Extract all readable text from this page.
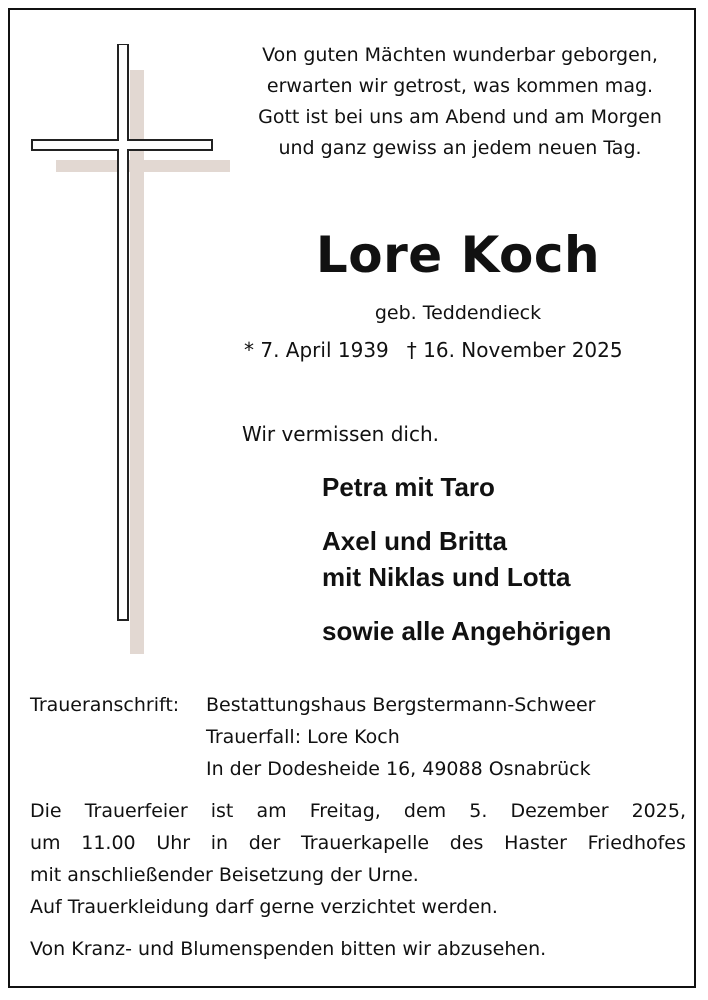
Von guten Mächten wunderbar geborgen,
erwarten wir getrost, was kommen mag.
Gott ist bei uns am Abend und am Morgen
und ganz gewiss an jedem neuen Tag.
Lore Koch
geb. Teddendieck
* 7. April 1939 † 16. November 2025
Wir vermissen dich.
Petra mit Taro
Axel und Britta
mit Niklas und Lotta
sowie alle Angehörigen
Traueranschrift: Bestattungshaus Bergstermann-Schweer
Trauerfall: Lore Koch
In der Dodesheide 16, 49088 Osnabrück
Die Trauerfeier ist am Freitag, dem 5. Dezember 2025,
um 11.00 Uhr in der Trauerkapelle des Haster Friedhofes
mit anschließender Beisetzung der Urne.
Auf Trauerkleidung darf gerne verzichtet werden.
Von Kranz- und Blumenspenden bitten wir abzusehen.
